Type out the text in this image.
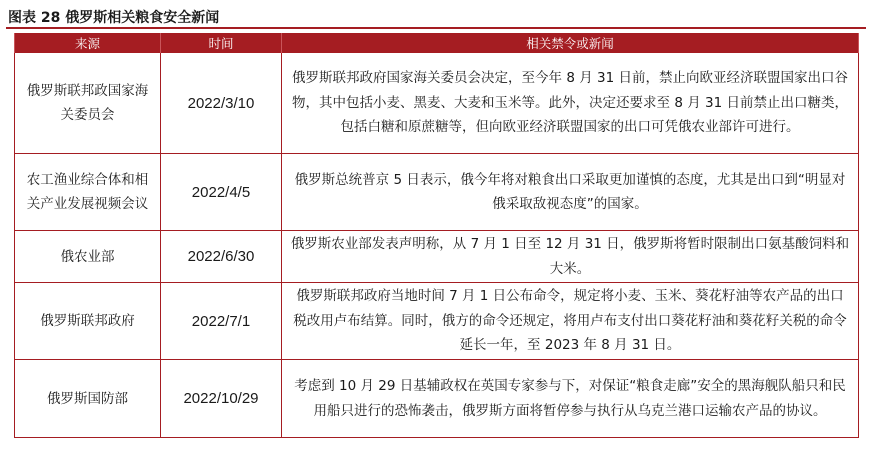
图表 28 俄罗斯相关粮食安全新闻
来源	时间	相关禁令或新闻
俄罗斯联邦政国家海关委员会	2022/3/10	俄罗斯联邦政府国家海关委员会决定，至今年 8 月 31 日前，禁止向欧亚经济联盟国家出口谷物，其中包括小麦、黑麦、大麦和玉米等。此外，决定还要求至 8 月 31 日前禁止出口糖类，包括白糖和原蔗糖等，但向欧亚经济联盟国家的出口可凭俄农业部许可进行。
农工渔业综合体和相关产业发展视频会议	2022/4/5	俄罗斯总统普京 5 日表示，俄今年将对粮食出口采取更加谨慎的态度，尤其是出口到“明显对俄采取敌视态度”的国家。
俄农业部	2022/6/30	俄罗斯农业部发表声明称，从 7 月 1 日至 12 月 31 日，俄罗斯将暂时限制出口氨基酸饲料和大米。
俄罗斯联邦政府	2022/7/1	俄罗斯联邦政府当地时间 7 月 1 日公布命令，规定将小麦、玉米、葵花籽油等农产品的出口税改用卢布结算。同时，俄方的命令还规定，将用卢布支付出口葵花籽油和葵花籽关税的命令延长一年，至 2023 年 8 月 31 日。
俄罗斯国防部	2022/10/29	考虑到 10 月 29 日基辅政权在英国专家参与下，对保证“粮食走廊”安全的黑海舰队船只和民用船只进行的恐怖袭击，俄罗斯方面将暂停参与执行从乌克兰港口运输农产品的协议。
